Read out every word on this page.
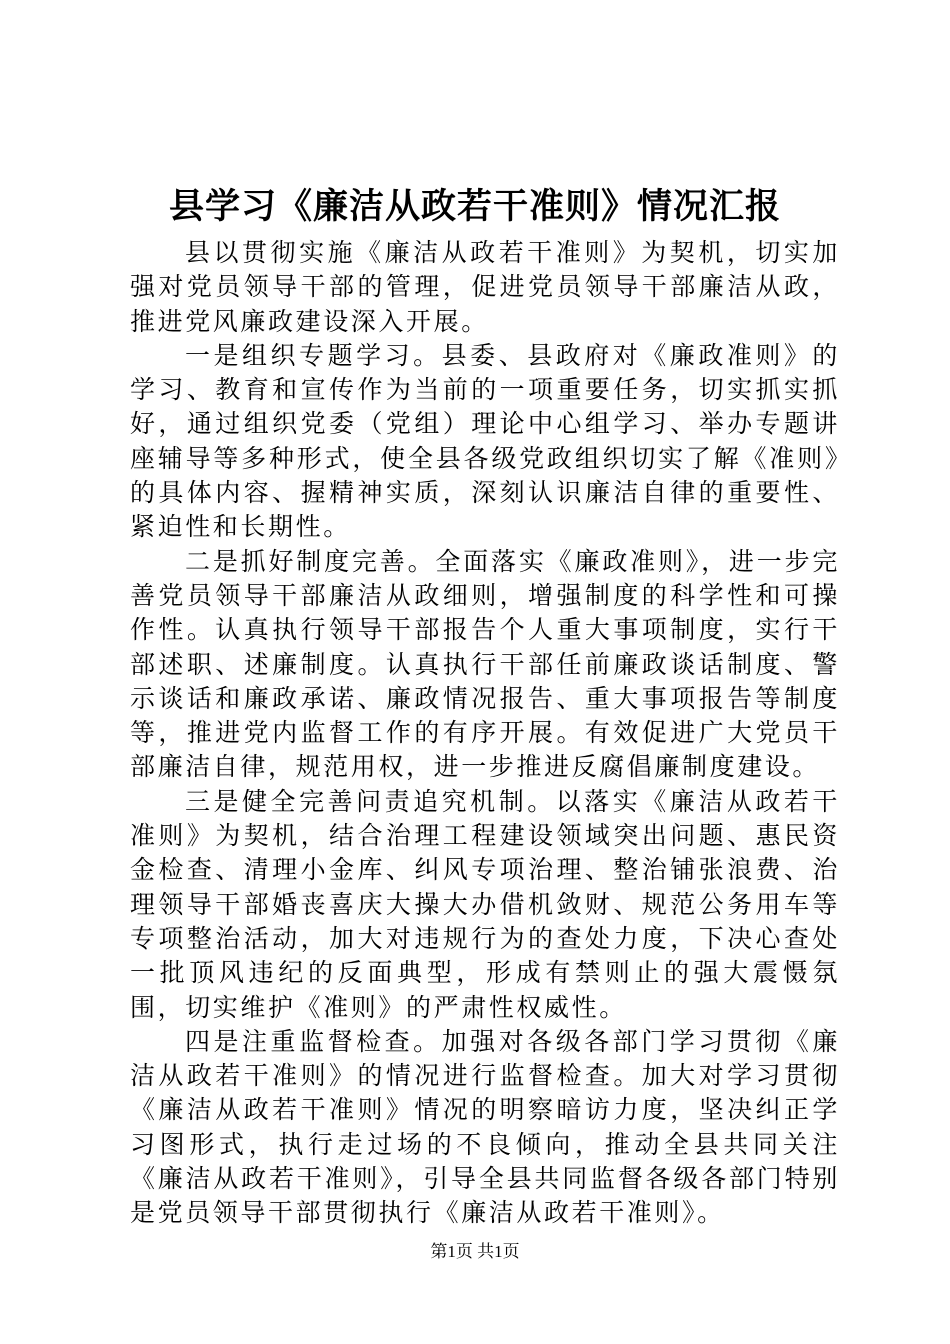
县学习《廉洁从政若干准则》情况汇报

县以贯彻实施《廉洁从政若干准则》为契机，切实加强对党员领导干部的管理，促进党员领导干部廉洁从政，推进党风廉政建设深入开展。

一是组织专题学习。县委、县政府对《廉政准则》的学习、教育和宣传作为当前的一项重要任务，切实抓实抓好，通过组织党委（党组）理论中心组学习、举办专题讲座辅导等多种形式，使全县各级党政组织切实了解《准则》的具体内容、握精神实质，深刻认识廉洁自律的重要性、紧迫性和长期性。

二是抓好制度完善。全面落实《廉政准则》，进一步完善党员领导干部廉洁从政细则，增强制度的科学性和可操作性。认真执行领导干部报告个人重大事项制度，实行干部述职、述廉制度。认真执行干部任前廉政谈话制度、警示谈话和廉政承诺、廉政情况报告、重大事项报告等制度等，推进党内监督工作的有序开展。有效促进广大党员干部廉洁自律，规范用权，进一步推进反腐倡廉制度建设。

三是健全完善问责追究机制。以落实《廉洁从政若干准则》为契机，结合治理工程建设领域突出问题、惠民资金检查、清理小金库、纠风专项治理、整治铺张浪费、治理领导干部婚丧喜庆大操大办借机敛财、规范公务用车等专项整治活动，加大对违规行为的查处力度，下决心查处一批顶风违纪的反面典型，形成有禁则止的强大震慑氛围，切实维护《准则》的严肃性权威性。

四是注重监督检查。加强对各级各部门学习贯彻《廉洁从政若干准则》的情况进行监督检查。加大对学习贯彻《廉洁从政若干准则》情况的明察暗访力度，坚决纠正学习图形式，执行走过场的不良倾向，推动全县共同关注《廉洁从政若干准则》，引导全县共同监督各级各部门特别是党员领导干部贯彻执行《廉洁从政若干准则》。

第1页 共1页
